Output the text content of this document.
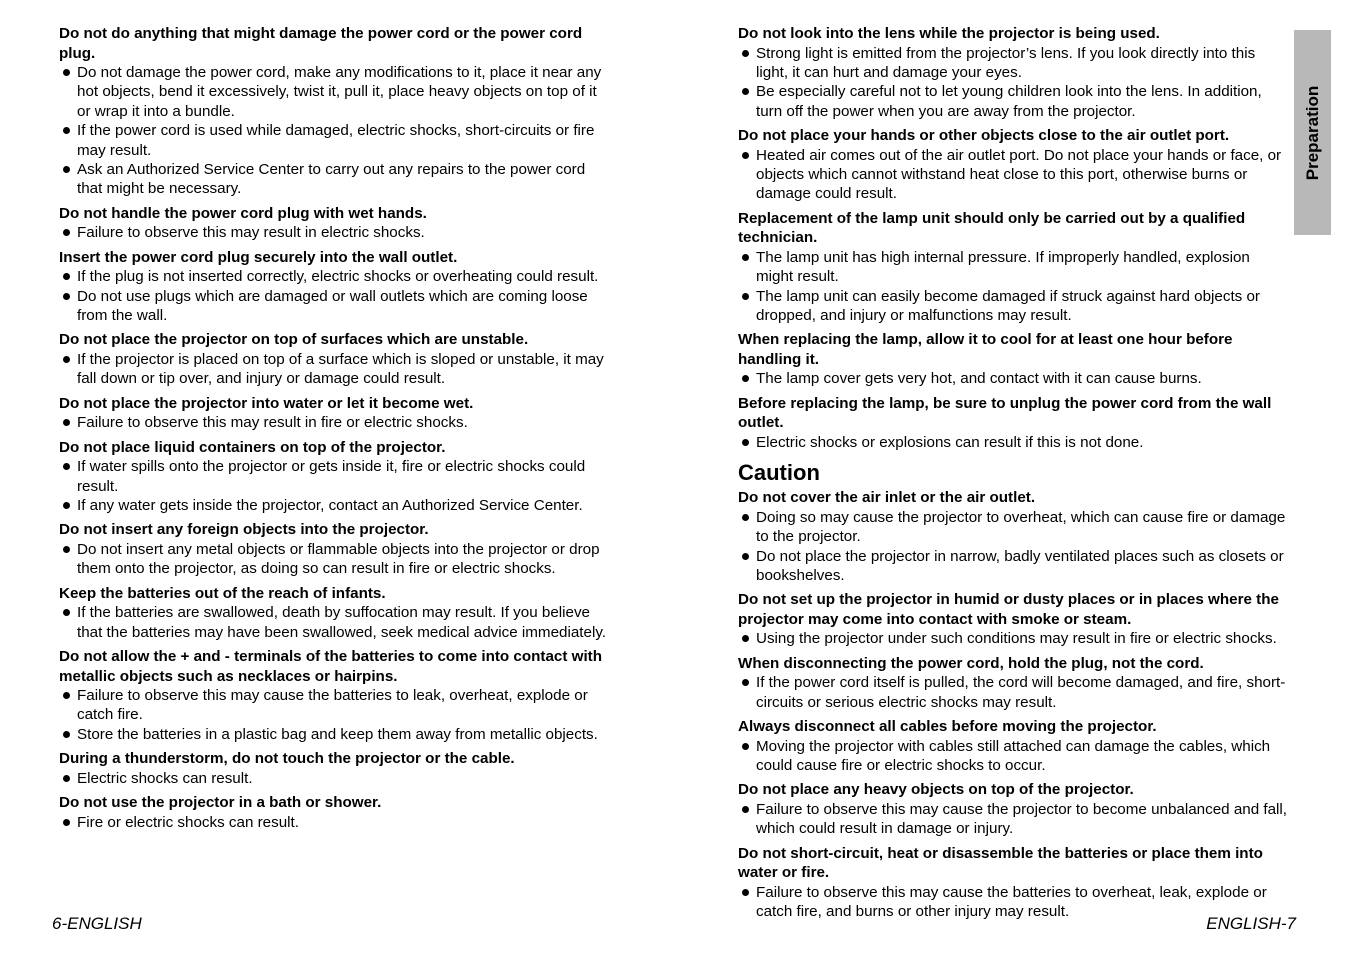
Do not do anything that might damage the power cord or the power cord plug.
Do not damage the power cord, make any modifications to it, place it near any hot objects, bend it excessively, twist it, pull it, place heavy objects on top of it or wrap it into a bundle.
If the power cord is used while damaged, electric shocks, short-circuits or fire may result.
Ask an Authorized Service Center to carry out any repairs to the power cord that might be necessary.
Do not handle the power cord plug with wet hands.
Failure to observe this may result in electric shocks.
Insert the power cord plug securely into the wall outlet.
If the plug is not inserted correctly, electric shocks or overheating could result.
Do not use plugs which are damaged or wall outlets which are coming loose from the wall.
Do not place the projector on top of surfaces which are unstable.
If the projector is placed on top of a surface which is sloped or unstable, it may fall down or tip over, and injury or damage could result.
Do not place the projector into water or let it become wet.
Failure to observe this may result in fire or electric shocks.
Do not place liquid containers on top of the projector.
If water spills onto the projector or gets inside it, fire or electric shocks could result.
If any water gets inside the projector, contact an Authorized Service Center.
Do not insert any foreign objects into the projector.
Do not insert any metal objects or flammable objects into the projector or drop them onto the projector, as doing so can result in fire or electric shocks.
Keep the batteries out of the reach of infants.
If the batteries are swallowed, death by suffocation may result. If you believe that the batteries may have been swallowed, seek medical advice immediately.
Do not allow the + and - terminals of the batteries to come into contact with metallic objects such as necklaces or hairpins.
Failure to observe this may cause the batteries to leak, overheat, explode or catch fire.
Store the batteries in a plastic bag and keep them away from metallic objects.
During a thunderstorm, do not touch the projector or the cable.
Electric shocks can result.
Do not use the projector in a bath or shower.
Fire or electric shocks can result.
Do not look into the lens while the projector is being used.
Strong light is emitted from the projector’s lens. If you look directly into this light, it can hurt and damage your eyes.
Be especially careful not to let young children look into the lens. In addition, turn off the power when you are away from the projector.
Do not place your hands or other objects close to the air outlet port.
Heated air comes out of the air outlet port. Do not place your hands or face, or objects which cannot withstand heat close to this port, otherwise burns or damage could result.
Replacement of the lamp unit should only be carried out by a qualified technician.
The lamp unit has high internal pressure. If improperly handled, explosion might result.
The lamp unit can easily become damaged if struck against hard objects or dropped, and injury or malfunctions may result.
When replacing the lamp, allow it to cool for at least one hour before handling it.
The lamp cover gets very hot, and contact with it can cause burns.
Before replacing the lamp, be sure to unplug the power cord from the wall outlet.
Electric shocks or explosions can result if this is not done.
Caution
Do not cover the air inlet or the air outlet.
Doing so may cause the projector to overheat, which can cause fire or damage to the projector.
Do not place the projector in narrow, badly ventilated places such as closets or bookshelves.
Do not set up the projector in humid or dusty places or in places where the projector may come into contact with smoke or steam.
Using the projector under such conditions may result in fire or electric shocks.
When disconnecting the power cord, hold the plug, not the cord.
If the power cord itself is pulled, the cord will become damaged, and fire, short-circuits or serious electric shocks may result.
Always disconnect all cables before moving the projector.
Moving the projector with cables still attached can damage the cables, which could cause fire or electric shocks to occur.
Do not place any heavy objects on top of the projector.
Failure to observe this may cause the projector to become unbalanced and fall, which could result in damage or injury.
Do not short-circuit, heat or disassemble the batteries or place them into water or fire.
Failure to observe this may cause the batteries to overheat, leak, explode or catch fire, and burns or other injury may result.
Preparation
6-ENGLISH	ENGLISH-7
